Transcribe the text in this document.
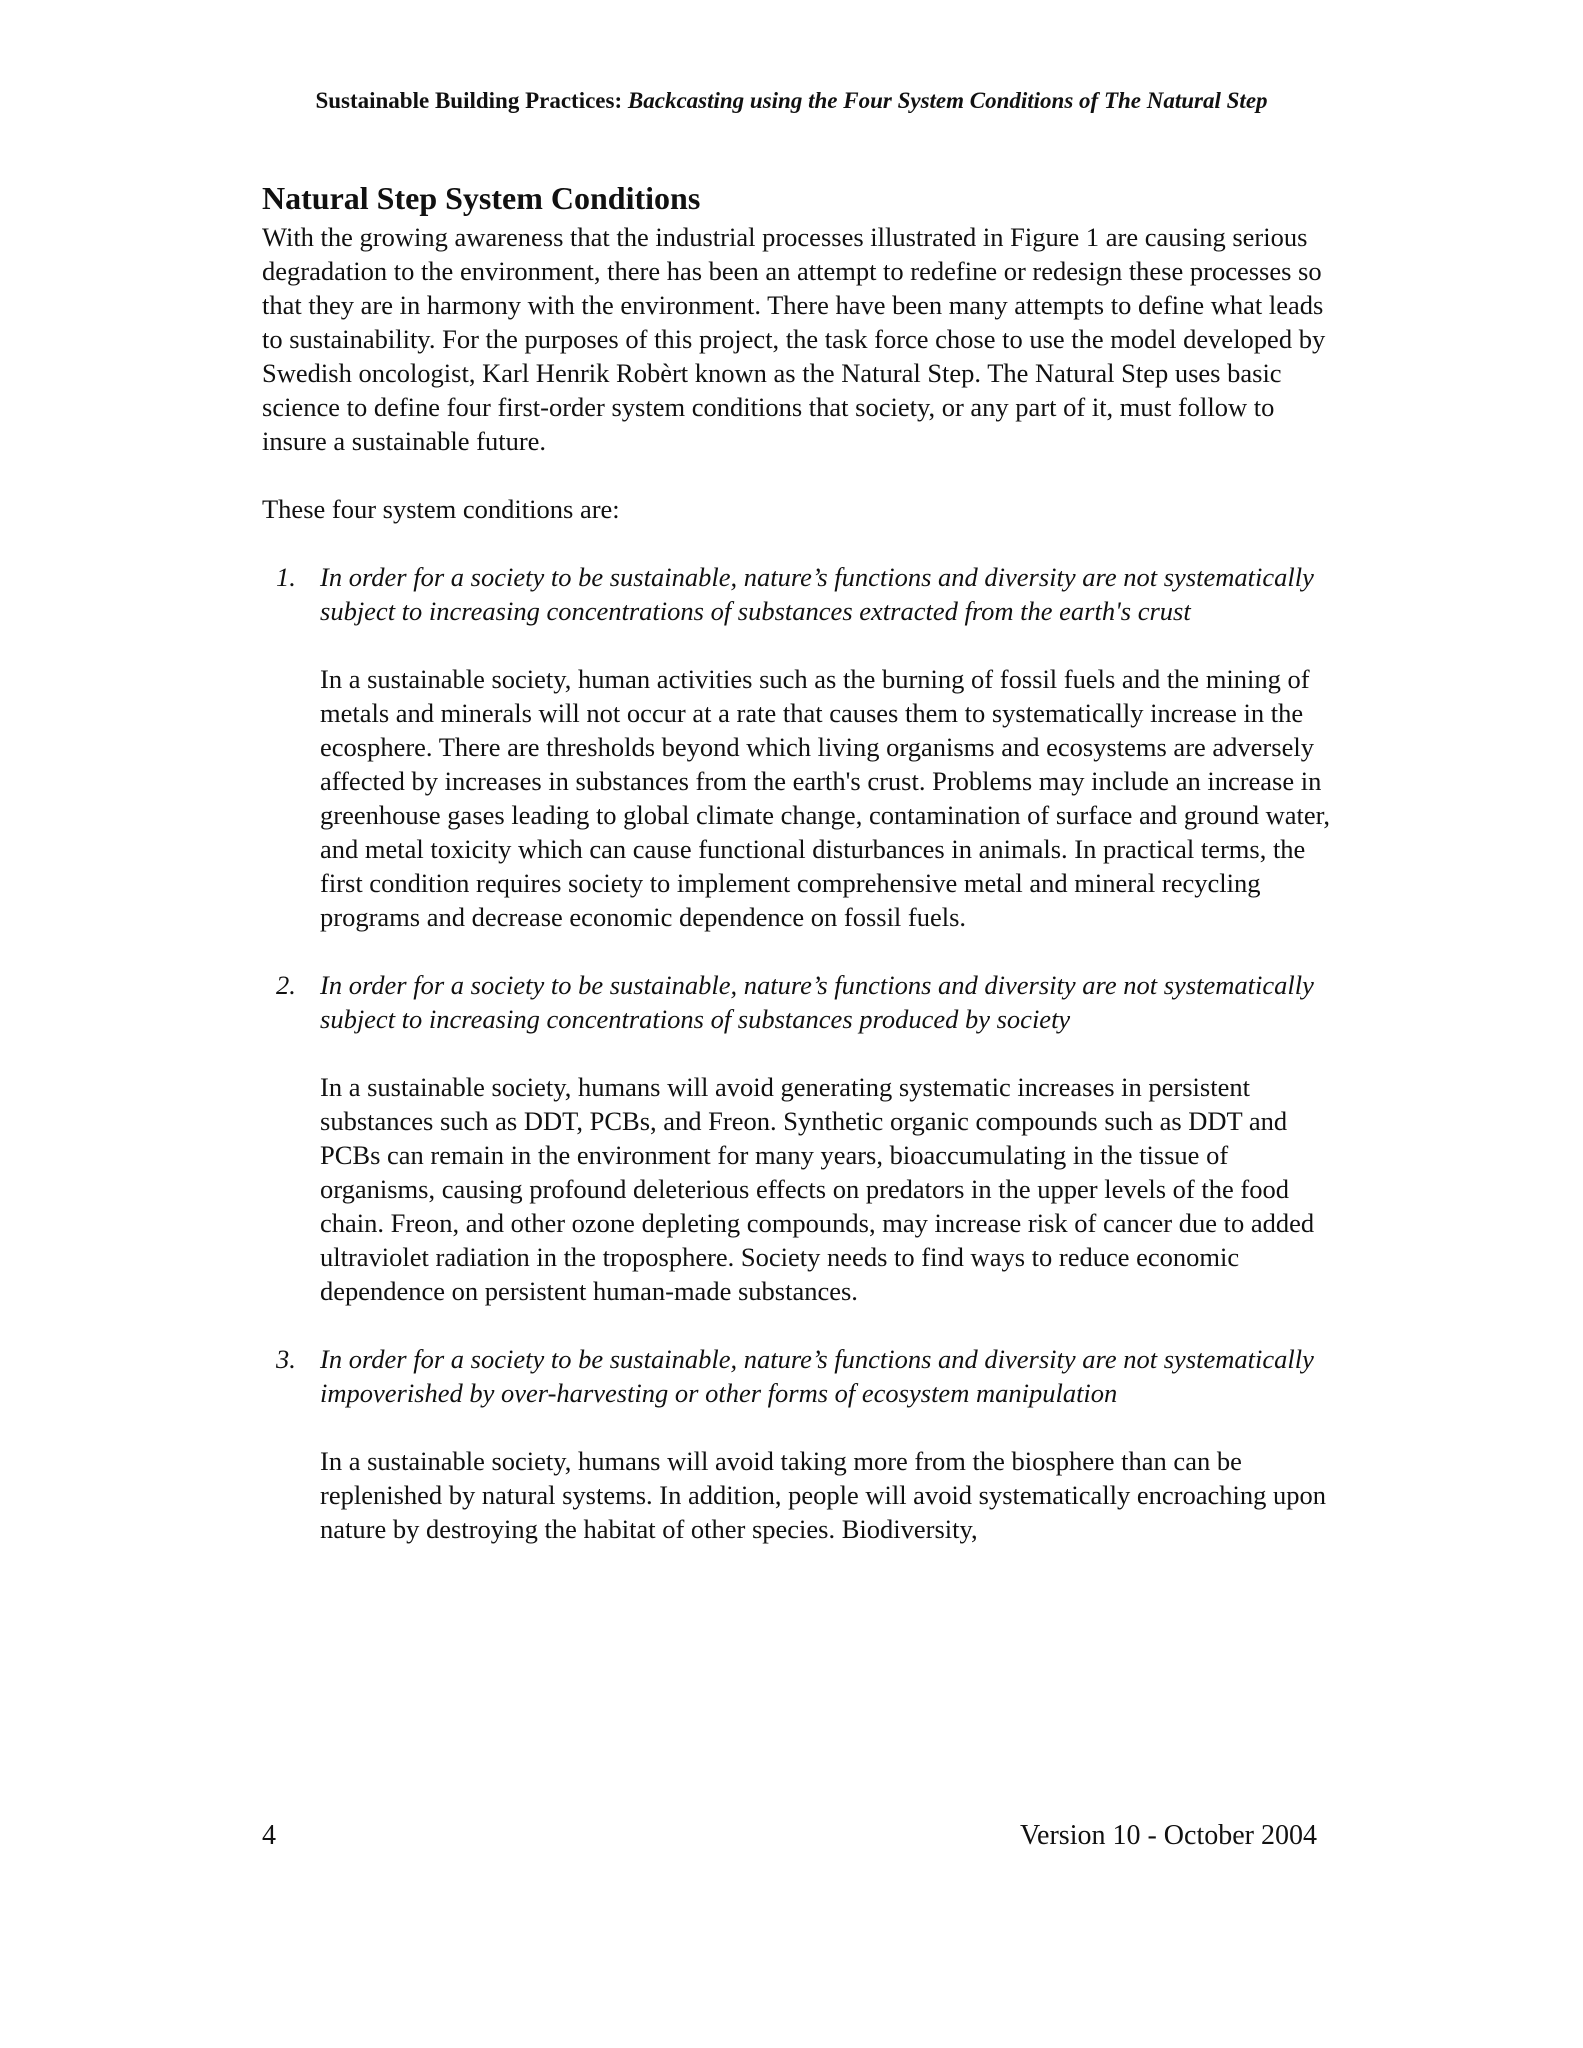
Sustainable Building Practices: Backcasting using the Four System Conditions of The Natural Step
Natural Step System Conditions

With the growing awareness that the industrial processes illustrated in Figure 1 are causing serious degradation to the environment, there has been an attempt to redefine or redesign these processes so that they are in harmony with the environment. There have been many attempts to define what leads to sustainability. For the purposes of this project, the task force chose to use the model developed by Swedish oncologist, Karl Henrik Robèrt known as the Natural Step. The Natural Step uses basic science to define four first-order system conditions that society, or any part of it, must follow to insure a sustainable future.

These four system conditions are:

1. In order for a society to be sustainable, nature’s functions and diversity are not systematically subject to increasing concentrations of substances extracted from the earth's crust

In a sustainable society, human activities such as the burning of fossil fuels and the mining of metals and minerals will not occur at a rate that causes them to systematically increase in the ecosphere. There are thresholds beyond which living organisms and ecosystems are adversely affected by increases in substances from the earth's crust. Problems may include an increase in greenhouse gases leading to global climate change, contamination of surface and ground water, and metal toxicity which can cause functional disturbances in animals. In practical terms, the first condition requires society to implement comprehensive metal and mineral recycling programs and decrease economic dependence on fossil fuels.

2. In order for a society to be sustainable, nature’s functions and diversity are not systematically subject to increasing concentrations of substances produced by society

In a sustainable society, humans will avoid generating systematic increases in persistent substances such as DDT, PCBs, and Freon. Synthetic organic compounds such as DDT and PCBs can remain in the environment for many years, bioaccumulating in the tissue of organisms, causing profound deleterious effects on predators in the upper levels of the food chain. Freon, and other ozone depleting compounds, may increase risk of cancer due to added ultraviolet radiation in the troposphere. Society needs to find ways to reduce economic dependence on persistent human-made substances.

3. In order for a society to be sustainable, nature’s functions and diversity are not systematically impoverished by over-harvesting or other forms of ecosystem manipulation

In a sustainable society, humans will avoid taking more from the biosphere than can be replenished by natural systems. In addition, people will avoid systematically encroaching upon nature by destroying the habitat of other species. Biodiversity,

4	Version 10 - October 2004
